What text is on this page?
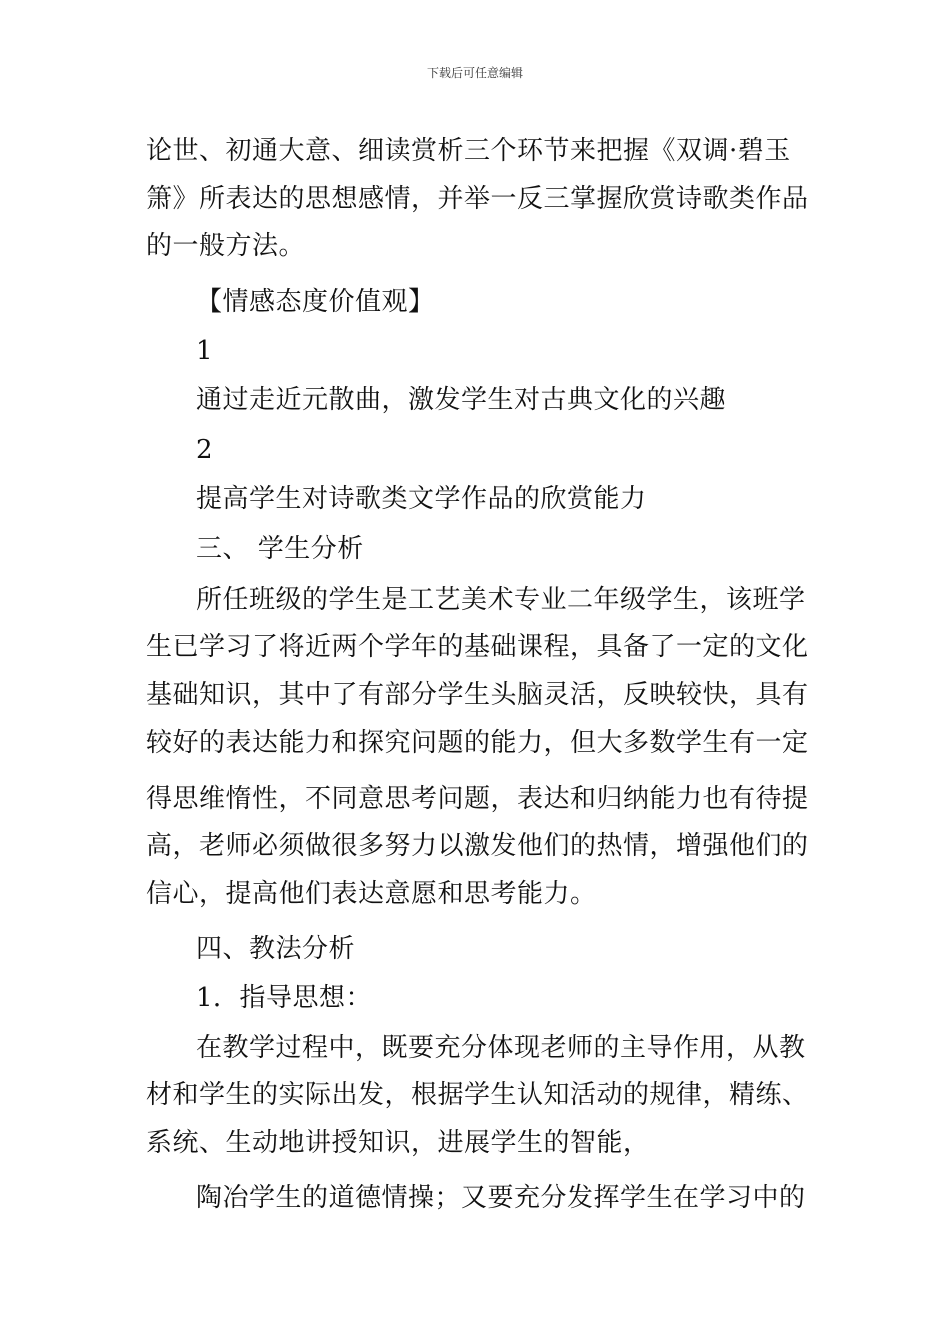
下载后可任意编辑
论世、初通大意、细读赏析三个环节来把握《双调·碧玉
箫》所表达的思想感情，并举一反三掌握欣赏诗歌类作品
的一般方法。
【情感态度价值观】
1
通过走近元散曲，激发学生对古典文化的兴趣
2
提高学生对诗歌类文学作品的欣赏能力
三、 学生分析
所任班级的学生是工艺美术专业二年级学生，该班学
生已学习了将近两个学年的基础课程，具备了一定的文化
基础知识，其中了有部分学生头脑灵活，反映较快，具有
较好的表达能力和探究问题的能力，但大多数学生有一定
得思维惰性，不同意思考问题，表达和归纳能力也有待提
高，老师必须做很多努力以激发他们的热情，增强他们的
信心，提高他们表达意愿和思考能力。
四、教法分析
1．指导思想：
在教学过程中，既要充分体现老师的主导作用，从教
材和学生的实际出发，根据学生认知活动的规律，精练、
系统、生动地讲授知识，进展学生的智能，
陶冶学生的道德情操；又要充分发挥学生在学习中的
